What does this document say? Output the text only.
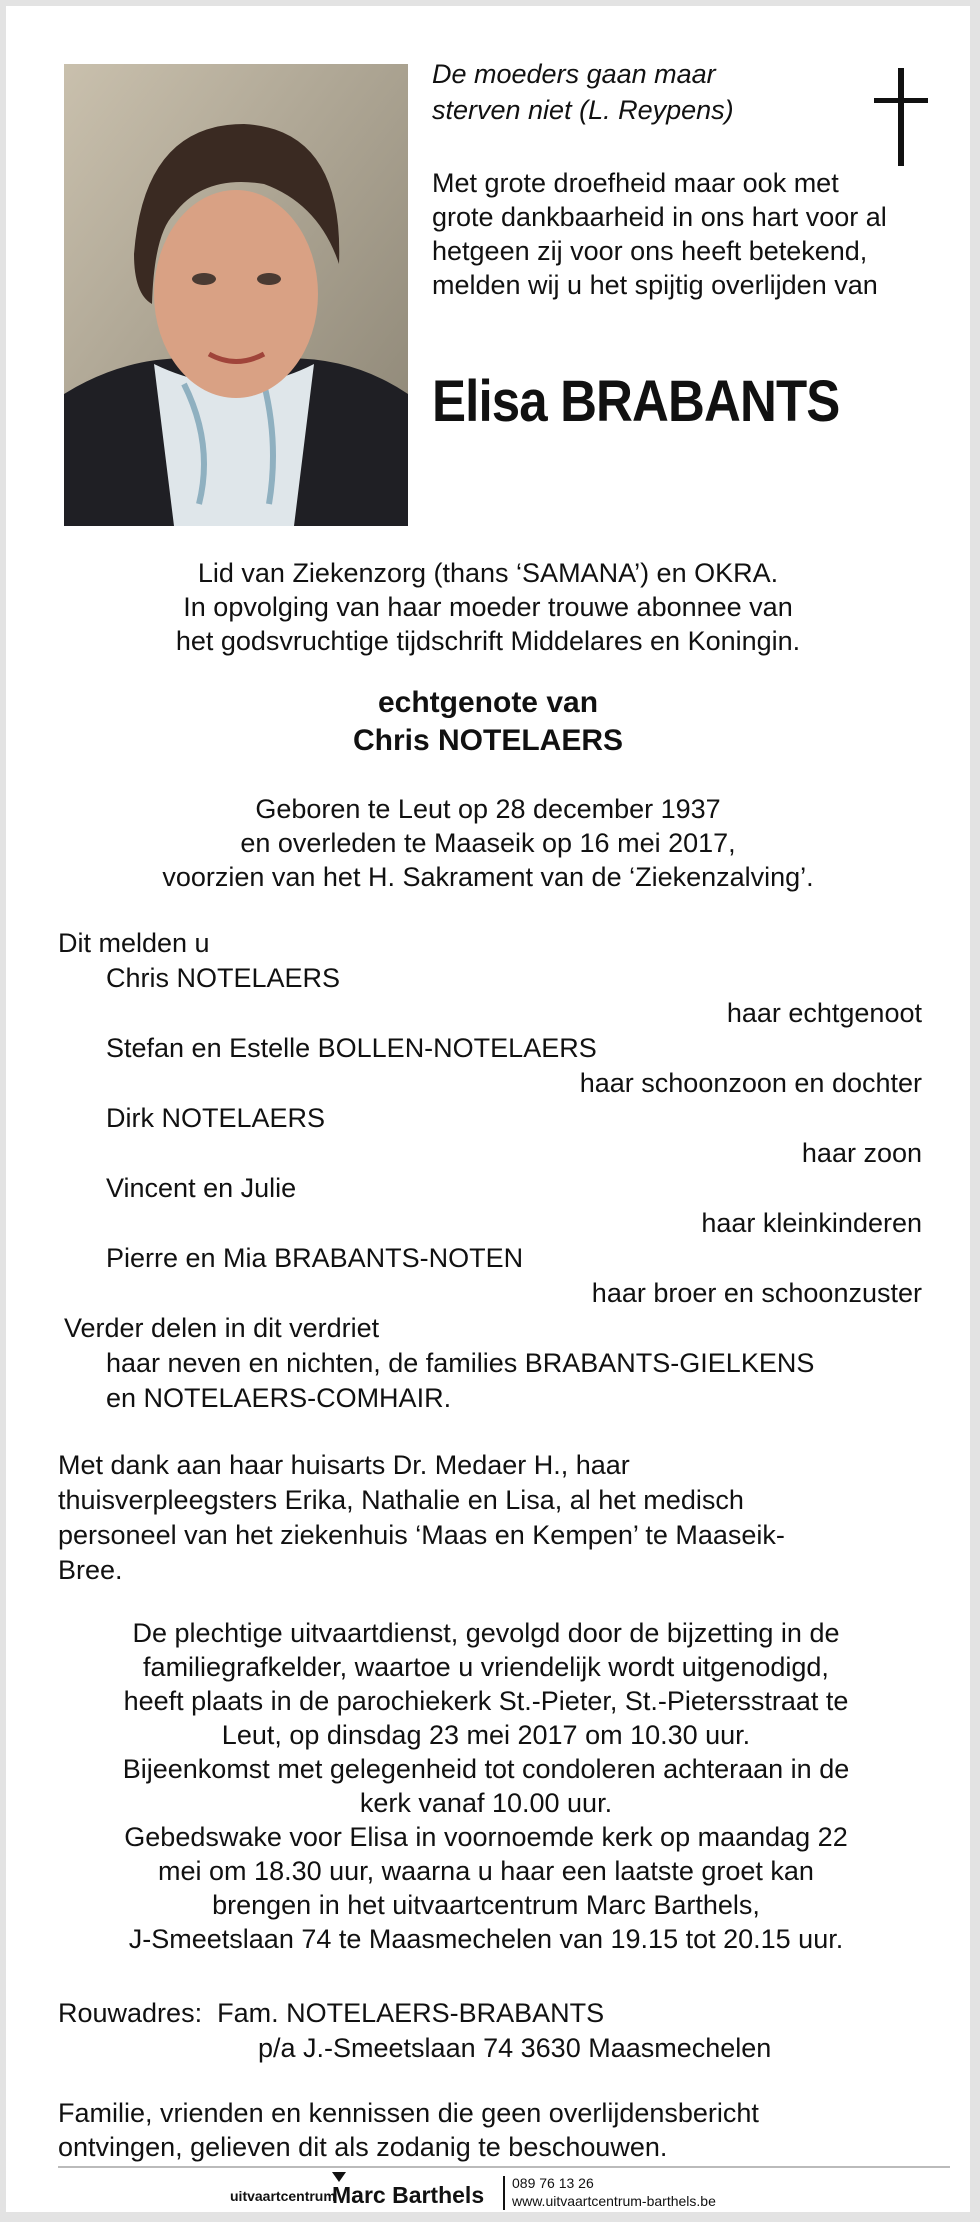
De moeders gaan maar
sterven niet (L. Reypens)
Met grote droefheid maar ook met grote dankbaarheid in ons hart voor al hetgeen zij voor ons heeft betekend, melden wij u het spijtig overlijden van
Elisa BRABANTS
Lid van Ziekenzorg (thans ‘SAMANA’) en OKRA.
In opvolging van haar moeder trouwe abonnee van
het godsvruchtige tijdschrift Middelares en Koningin.
echtgenote van
Chris NOTELAERS
Geboren te Leut op 28 december 1937
en overleden te Maaseik op 16 mei 2017,
voorzien van het H. Sakrament van de ‘Ziekenzalving’.
Dit melden u
Chris NOTELAERS
haar echtgenoot
Stefan en Estelle BOLLEN-NOTELAERS
haar schoonzoon en dochter
Dirk NOTELAERS
haar zoon
Vincent en Julie
haar kleinkinderen
Pierre en Mia BRABANTS-NOTEN
haar broer en schoonzuster
Verder delen in dit verdriet
haar neven en nichten, de families BRABANTS-GIELKENS
en NOTELAERS-COMHAIR.
Met dank aan haar huisarts Dr. Medaer H., haar
thuisverpleegsters Erika, Nathalie en Lisa, al het medisch
personeel van het ziekenhuis ‘Maas en Kempen’ te Maaseik-
Bree.
De plechtige uitvaartdienst, gevolgd door de bijzetting in de
familiegrafkelder, waartoe u vriendelijk wordt uitgenodigd,
heeft plaats in de parochiekerk St.-Pieter, St.-Pietersstraat te
Leut, op dinsdag 23 mei 2017 om 10.30 uur.
Bijeenkomst met gelegenheid tot condoleren achteraan in de
kerk vanaf 10.00 uur.
Gebedswake voor Elisa in voornoemde kerk op maandag 22
mei om 18.30 uur, waarna u haar een laatste groet kan
brengen in het uitvaartcentrum Marc Barthels,
J-Smeetslaan 74 te Maasmechelen van 19.15 tot 20.15 uur.
Rouwadres: Fam. NOTELAERS-BRABANTS
p/a J.-Smeetslaan 74 3630 Maasmechelen
Familie, vrienden en kennissen die geen overlijdensbericht
ontvingen, gelieven dit als zodanig te beschouwen.
uitvaartcentrum
Marc Barthels 089 76 13 26
www.uitvaartcentrum-barthels.be
